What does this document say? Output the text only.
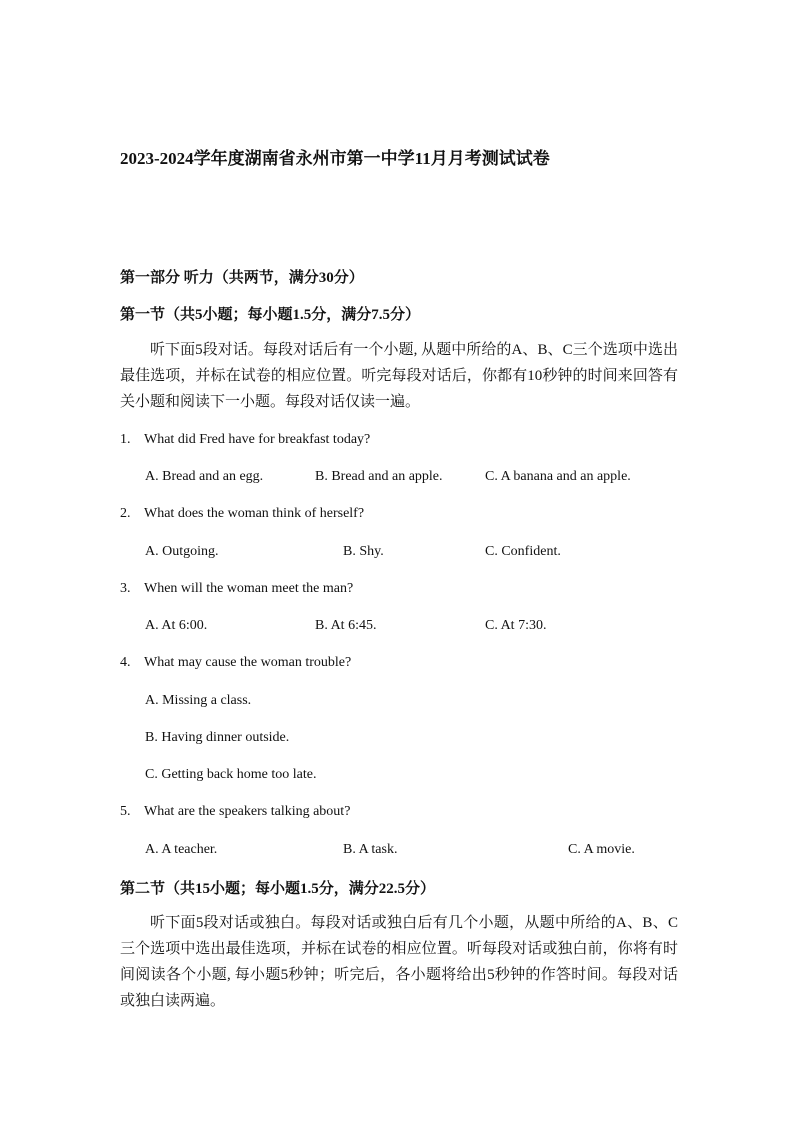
2023-2024学年度湖南省永州市第一中学11月月考测试试卷
第一部分 听力（共两节，满分30分）
第一节（共5小题；每小题1.5分，满分7.5分）
听下面5段对话。每段对话后有一个小题, 从题中所给的A、B、C三个选项中选出最佳选项，并标在试卷的相应位置。听完每段对话后，你都有10秒钟的时间来回答有关小题和阅读下一小题。每段对话仅读一遍。
1. What did Fred have for breakfast today?
A. Bread and an egg.	B. Bread and an apple.	C. A banana and an apple.
2. What does the woman think of herself?
A. Outgoing.	B. Shy.	C. Confident.
3. When will the woman meet the man?
A. At 6:00.	B. At 6:45.	C. At 7:30.
4. What may cause the woman trouble?
A. Missing a class.
B. Having dinner outside.
C. Getting back home too late.
5. What are the speakers talking about?
A. A teacher.	B. A task.	C. A movie.
第二节（共15小题；每小题1.5分，满分22.5分）
听下面5段对话或独白。每段对话或独白后有几个小题，从题中所给的A、B、C三个选项中选出最佳选项，并标在试卷的相应位置。听每段对话或独白前，你将有时间阅读各个小题, 每小题5秒钟；听完后，各小题将给出5秒钟的作答时间。每段对话或独白读两遍。
